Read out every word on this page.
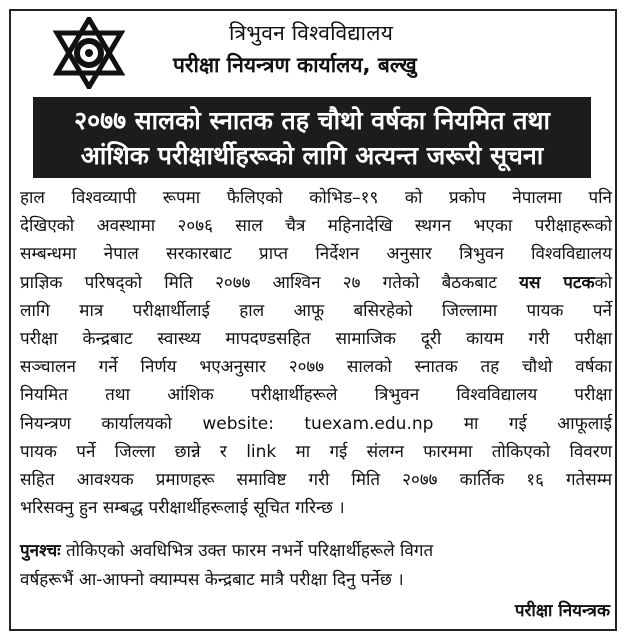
त्रिभुवन विश्वविद्यालय
परीक्षा नियन्त्रण कार्यालय, बल्खु
२०७७ सालको स्नातक तह चौथो वर्षका नियमित तथा
आंशिक परीक्षार्थीहरूको लागि अत्यन्त जरूरी सूचना
हाल विश्वव्यापी रूपमा फैलिएको कोभिड–१९ को प्रकोप नेपालमा पनि
देखिएको अवस्थामा २०७६ साल चैत्र महिनादेखि स्थगन भएका परीक्षाहरूको
सम्बन्धमा नेपाल सरकारबाट प्राप्त निर्देशन अनुसार त्रिभुवन विश्वविद्यालय
प्राज्ञिक परिषद्को मिति २०७७ आश्विन २७ गतेको बैठकबाट यस पटकको
लागि मात्र परीक्षार्थीलाई हाल आफू बसिरहेको जिल्लामा पायक पर्ने
परीक्षा केन्द्रबाट स्वास्थ्य मापदण्डसहित सामाजिक दूरी कायम गरी परीक्षा
सञ्चालन गर्ने निर्णय भएअनुसार २०७७ सालको स्नातक तह चौथो वर्षका
नियमित तथा आंशिक परीक्षार्थीहरूले त्रिभुवन विश्वविद्यालय परीक्षा
नियन्त्रण कार्यालयको website: tuexam.edu.np मा गई आफूलाई
पायक पर्ने जिल्ला छान्ने र link मा गई संलग्न फारममा तोकिएको विवरण
सहित आवश्यक प्रमाणहरू समाविष्ट गरी मिति २०७७ कार्तिक १६ गतेसम्म
भरिसक्नु हुन सम्बद्ध परीक्षार्थीहरूलाई सूचित गरिन्छ ।
पुनश्चः तोकिएको अवधिभित्र उक्त फारम नभर्ने परिक्षार्थीहरूले विगत
वर्षहरूभैं आ-आफ्नो क्याम्पस केन्द्रबाट मात्रै परीक्षा दिनु पर्नेछ ।
परीक्षा नियन्त्रक
